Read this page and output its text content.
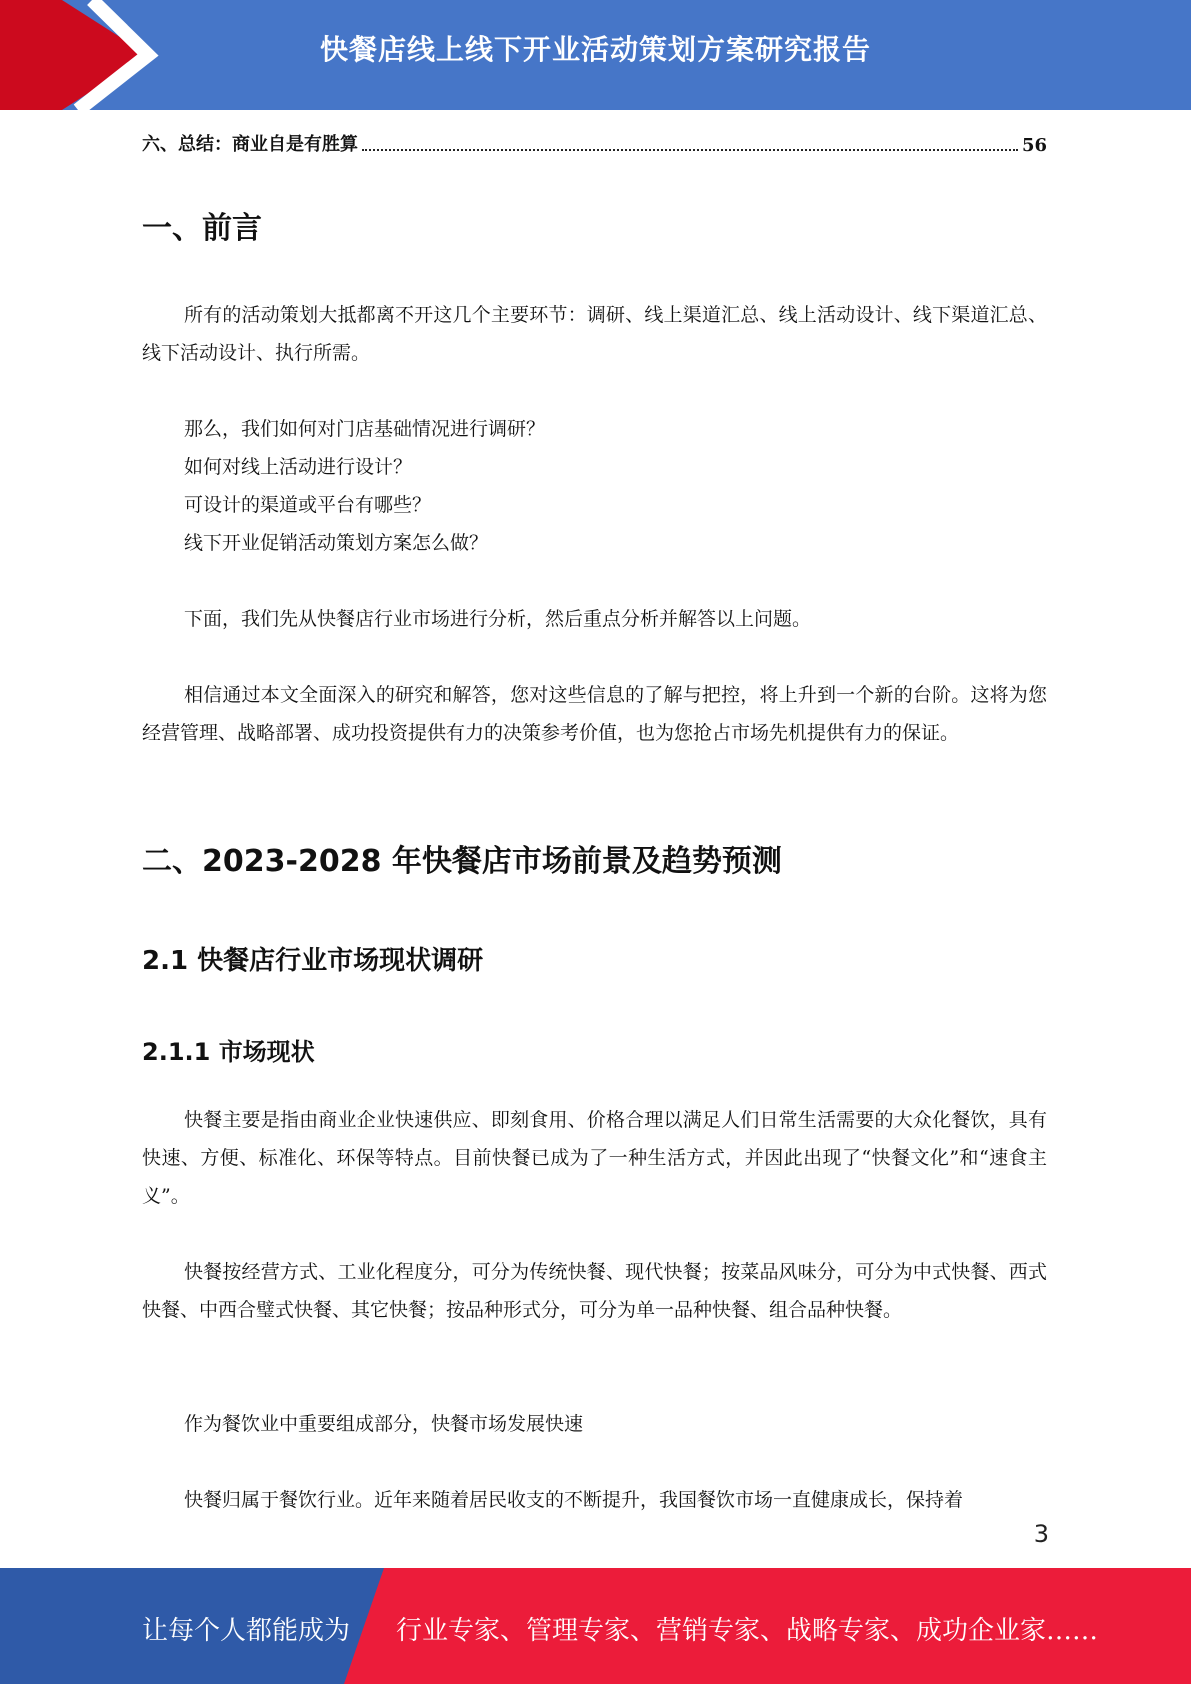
快餐店线上线下开业活动策划方案研究报告
六、总结：商业自是有胜算	56
一、前言

所有的活动策划大抵都离不开这几个主要环节：调研、线上渠道汇总、线上活动设计、线下渠道汇总、线下活动设计、执行所需。

那么，我们如何对门店基础情况进行调研？

如何对线上活动进行设计？

可设计的渠道或平台有哪些？

线下开业促销活动策划方案怎么做？

下面，我们先从快餐店行业市场进行分析，然后重点分析并解答以上问题。

相信通过本文全面深入的研究和解答，您对这些信息的了解与把控，将上升到一个新的台阶。这将为您经营管理、战略部署、成功投资提供有力的决策参考价值，也为您抢占市场先机提供有力的保证。

二、2023-2028 年快餐店市场前景及趋势预测
2.1 快餐店行业市场现状调研
2.1.1 市场现状

快餐主要是指由商业企业快速供应、即刻食用、价格合理以满足人们日常生活需要的大众化餐饮，具有快速、方便、标准化、环保等特点。目前快餐已成为了一种生活方式，并因此出现了“快餐文化”和“速食主义”。

快餐按经营方式、工业化程度分，可分为传统快餐、现代快餐；按菜品风味分，可分为中式快餐、西式快餐、中西合璧式快餐、其它快餐；按品种形式分，可分为单一品种快餐、组合品种快餐。

作为餐饮业中重要组成部分，快餐市场发展快速

快餐归属于餐饮行业。近年来随着居民收支的不断提升，我国餐饮市场一直健康成长，保持着

3
让每个人都能成为 行业专家、管理专家、营销专家、战略专家、成功企业家……
